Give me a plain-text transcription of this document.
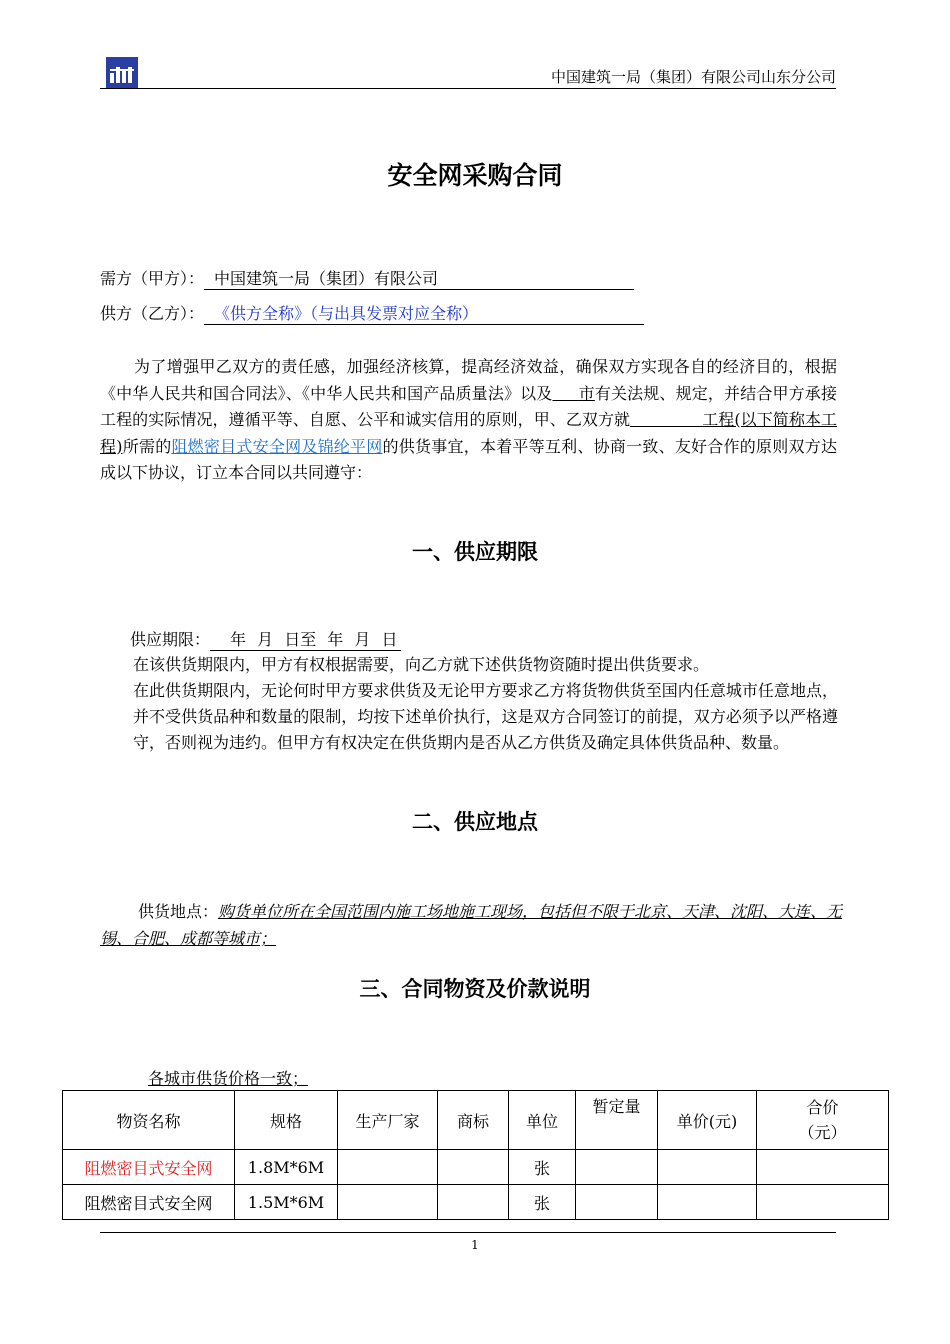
中国建筑一局（集团）有限公司山东分公司
安全网采购合同
需方（甲方）： 中国建筑一局（集团）有限公司
供方（乙方）： 《供方全称》（与出具发票对应全称）
为了增强甲乙双方的责任感，加强经济核算，提高经济效益，确保双方实现各自的经济目的，根据《中华人民共和国合同法》、《中华人民共和国产品质量法》以及 市有关法规、规定，并结合甲方承接工程的实际情况，遵循平等、自愿、公平和诚实信用的原则，甲、乙双方就	工程(以下简称本工程)所需的阻燃密目式安全网及锦纶平网的供货事宜，本着平等互利、协商一致、友好合作的原则双方达成以下协议，订立本合同以共同遵守：
一、供应期限
供应期限： 年 月 日至 年 月 日
在该供货期限内，甲方有权根据需要，向乙方就下述供货物资随时提出供货要求。
在此供货期限内，无论何时甲方要求供货及无论甲方要求乙方将货物供货至国内任意城市任意地点，并不受供货品种和数量的限制，均按下述单价执行，这是双方合同签订的前提，双方必须予以严格遵守，否则视为违约。但甲方有权决定在供货期内是否从乙方供货及确定具体供货品种、数量。
二、供应地点
供货地点：购货单位所在全国范围内施工场地施工现场，包括但不限于北京、天津、沈阳、大连、无锡、合肥、成都等城市；
三、合同物资及价款说明
各城市供货价格一致；
物资名称	规格	生产厂家	商标	单位	暂定量	单价(元)	合价
（元）
阻燃密目式安全网	1.8M*6M			张			
阻燃密目式安全网	1.5M*6M			张			
1
